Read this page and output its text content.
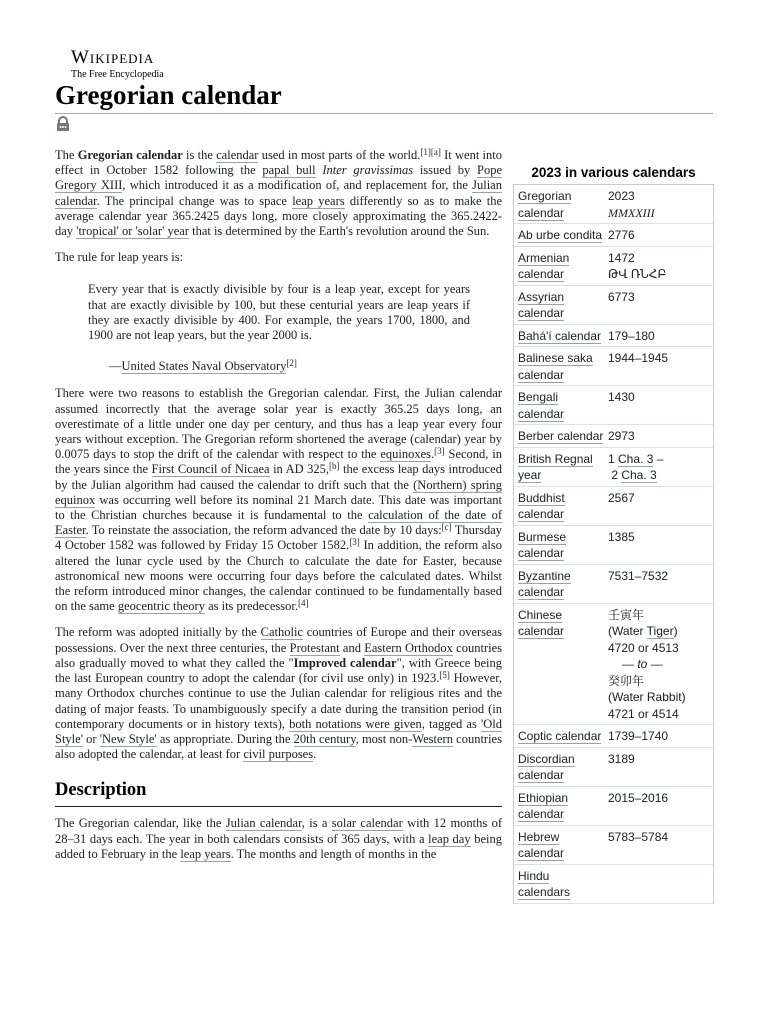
Wikipedia
The Free Encyclopedia
Gregorian calendar

The Gregorian calendar is the calendar used in most parts of the world.[1][a] It went into effect in October 1582 following the papal bull Inter gravissimas issued by Pope Gregory XIII, which introduced it as a modification of, and replacement for, the Julian calendar. The principal change was to space leap years differently so as to make the average calendar year 365.2425 days long, more closely approximating the 365.2422-day 'tropical' or 'solar' year that is determined by the Earth's revolution around the Sun.

The rule for leap years is:

Every year that is exactly divisible by four is a leap year, except for years that are exactly divisible by 100, but these centurial years are leap years if they are exactly divisible by 400. For example, the years 1700, 1800, and 1900 are not leap years, but the year 2000 is.

—United States Naval Observatory[2]

There were two reasons to establish the Gregorian calendar. First, the Julian calendar assumed incorrectly that the average solar year is exactly 365.25 days long, an overestimate of a little under one day per century, and thus has a leap year every four years without exception. The Gregorian reform shortened the average (calendar) year by 0.0075 days to stop the drift of the calendar with respect to the equinoxes.[3] Second, in the years since the First Council of Nicaea in AD 325,[b] the excess leap days introduced by the Julian algorithm had caused the calendar to drift such that the (Northern) spring equinox was occurring well before its nominal 21 March date. This date was important to the Christian churches because it is fundamental to the calculation of the date of Easter. To reinstate the association, the reform advanced the date by 10 days:[c] Thursday 4 October 1582 was followed by Friday 15 October 1582.[3] In addition, the reform also altered the lunar cycle used by the Church to calculate the date for Easter, because astronomical new moons were occurring four days before the calculated dates. Whilst the reform introduced minor changes, the calendar continued to be fundamentally based on the same geocentric theory as its predecessor.[4]

The reform was adopted initially by the Catholic countries of Europe and their overseas possessions. Over the next three centuries, the Protestant and Eastern Orthodox countries also gradually moved to what they called the "Improved calendar", with Greece being the last European country to adopt the calendar (for civil use only) in 1923.[5] However, many Orthodox churches continue to use the Julian calendar for religious rites and the dating of major feasts. To unambiguously specify a date during the transition period (in contemporary documents or in history texts), both notations were given, tagged as 'Old Style' or 'New Style' as appropriate. During the 20th century, most non-Western countries also adopted the calendar, at least for civil purposes.

Description

The Gregorian calendar, like the Julian calendar, is a solar calendar with 12 months of 28–31 days each. The year in both calendars consists of 365 days, with a leap day being added to February in the leap years. The months and length of months in the

2023 in various calendars
Gregorian calendar
2023
MMXXIII
Ab urbe condita 2776
Armenian calendar
1472
ԹՎ ՌՆՀԲ
Assyrian calendar
6773
Bahá'í calendar 179–180
Balinese saka calendar
1944–1945
Bengali calendar
1430
Berber calendar 2973
British Regnal year
1 Cha. 3 –
2 Cha. 3
Buddhist calendar
2567
Burmese calendar
1385
Byzantine calendar
7531–7532
Chinese calendar
壬寅年
(Water Tiger)
4720 or 4513
— to —
癸卯年
(Water Rabbit)
4721 or 4514
Coptic calendar 1739–1740
Discordian calendar
3189
Ethiopian calendar
2015–2016
Hebrew calendar
5783–5784
Hindu calendars
